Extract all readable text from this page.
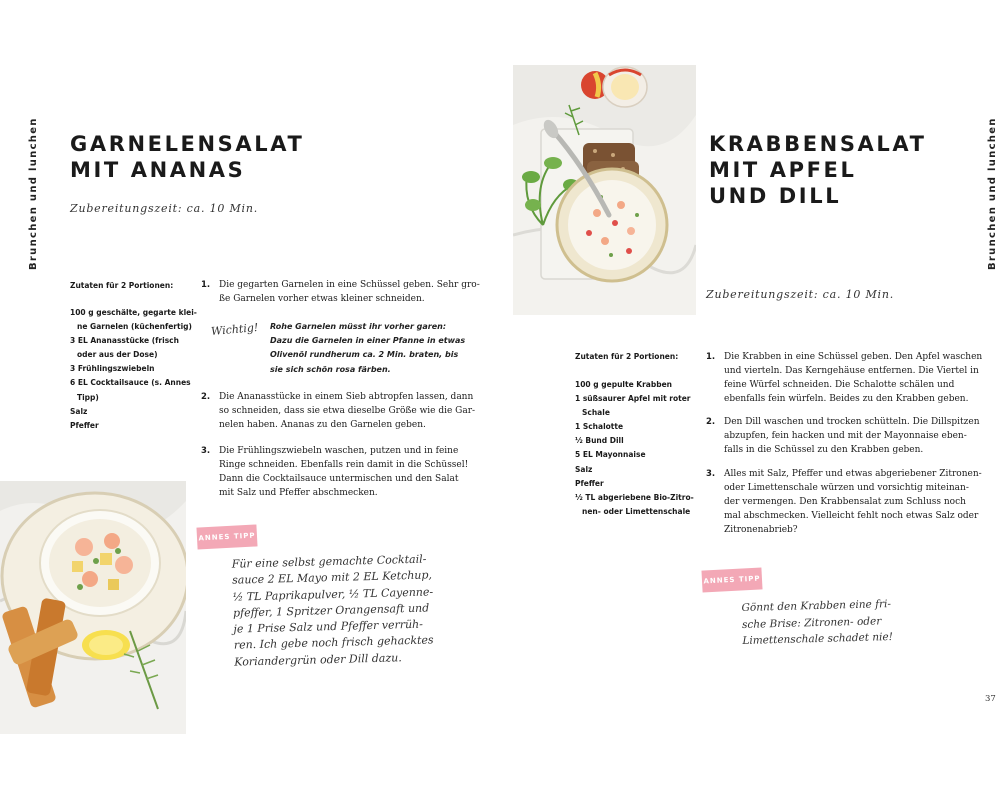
Brunchen und lunchen GARNELENSALAT
MIT ANANAS
Zubereitungszeit: ca. 10 Min.
Zutaten für 2 Portionen:
100 g geschälte, gegarte klei-
ne Garnelen (küchenfertig)
3 EL Ananasstücke (frisch
oder aus der Dose)
3 Frühlingszwiebeln
6 EL Cocktailsauce (s. Annes
Tipp)
Salz
Pfeffer
1. Die gegarten Garnelen in eine Schüssel geben. Sehr gro-
ße Garnelen vorher etwas kleiner schneiden.
Wichtig! Rohe Garnelen müsst ihr vorher garen:
Dazu die Garnelen in einer Pfanne in etwas
Olivenöl rundherum ca. 2 Min. braten, bis
sie sich schön rosa färben.
2. Die Ananasstücke in einem Sieb abtropfen lassen, dann
so schneiden, dass sie etwa dieselbe Größe wie die Gar-
nelen haben. Ananas zu den Garnelen geben.
3. Die Frühlingszwiebeln waschen, putzen und in feine
Ringe schneiden. Ebenfalls rein damit in die Schüssel!
Dann die Cocktailsauce untermischen und den Salat
mit Salz und Pfeffer abschmecken.
ANNES TIPP
Für eine selbst gemachte Cocktail-
sauce 2 EL Mayo mit 2 EL Ketchup,
½ TL Paprikapulver, ½ TL Cayenne-
pfeffer, 1 Spritzer Orangensaft und
je 1 Prise Salz und Pfeffer verrüh-
ren. Ich gebe noch frisch gehacktes
Koriandergrün oder Dill dazu.
KRABBENSALAT
MIT APFEL
UND DILL	Brunchen und lunchen
Zubereitungszeit: ca. 10 Min.
Zutaten für 2 Portionen:
100 g gepulte Krabben
1 süßsaurer Apfel mit roter
Schale
1 Schalotte
½ Bund Dill
5 EL Mayonnaise
Salz
Pfeffer
½ TL abgeriebene Bio-Zitro-
nen- oder Limettenschale
1. Die Krabben in eine Schüssel geben. Den Apfel waschen
und vierteln. Das Kerngehäuse entfernen. Die Viertel in
feine Würfel schneiden. Die Schalotte schälen und
ebenfalls fein würfeln. Beides zu den Krabben geben.
2. Den Dill waschen und trocken schütteln. Die Dillspitzen
abzupfen, fein hacken und mit der Mayonnaise eben-
falls in die Schüssel zu den Krabben geben.
3. Alles mit Salz, Pfeffer und etwas abgeriebener Zitronen-
oder Limettenschale würzen und vorsichtig miteinan-
der vermengen. Den Krabbensalat zum Schluss noch
mal abschmecken. Vielleicht fehlt noch etwas Salz oder
Zitronenabrieb?
ANNES TIPP
Gönnt den Krabben eine fri-
sche Brise: Zitronen- oder
Limettenschale schadet nie!
37
